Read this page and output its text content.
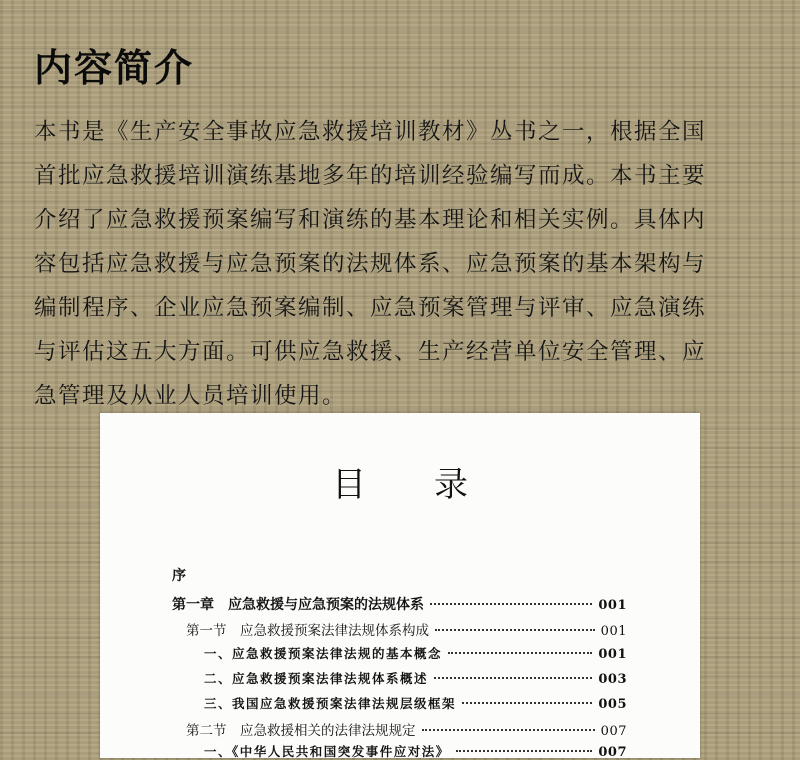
内容简介
本书是《生产安全事故应急救援培训教材》丛书之一，根据全国
首批应急救援培训演练基地多年的培训经验编写而成。本书主要
介绍了应急救援预案编写和演练的基本理论和相关实例。具体内
容包括应急救援与应急预案的法规体系、应急预案的基本架构与
编制程序、企业应急预案编制、应急预案管理与评审、应急演练
与评估这五大方面。可供应急救援、生产经营单位安全管理、应
急管理及从业人员培训使用。
目 录
序
第一章　应急救援与应急预案的法规体系	001
第一节　应急救援预案法律法规体系构成	001
一、应急救援预案法律法规的基本概念	001
二、应急救援预案法律法规体系概述	003
三、我国应急救援预案法律法规层级框架	005
第二节　应急救援相关的法律法规规定	007
一、《中华人民共和国突发事件应对法》	007
